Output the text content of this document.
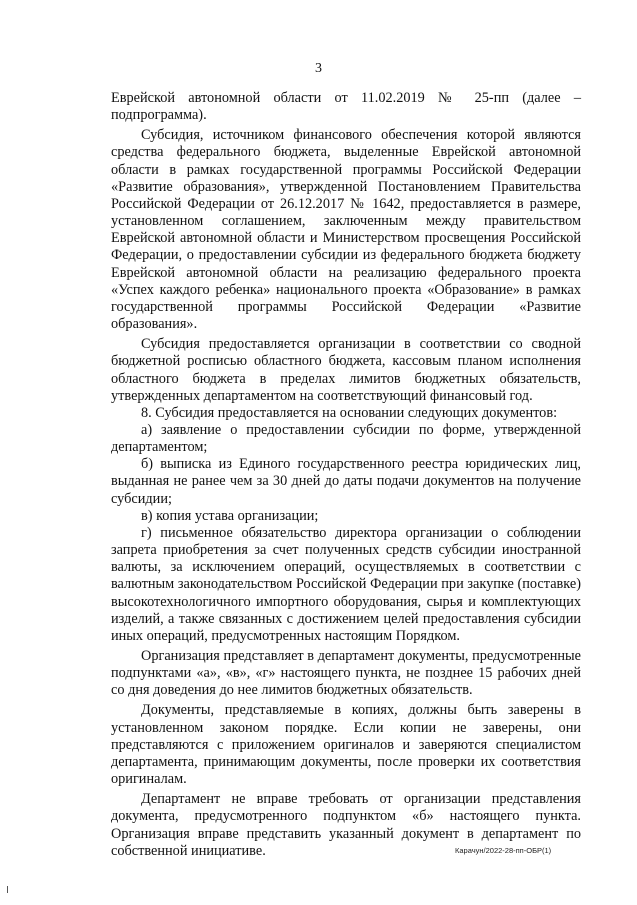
3

Еврейской автономной области от 11.02.2019 № 25-пп (далее – подпрограмма).

Субсидия, источником финансового обеспечения которой являются средства федерального бюджета, выделенные Еврейской автономной области в рамках государственной программы Российской Федерации «Развитие образования», утвержденной Постановлением Правительства Российской Федерации от 26.12.2017 № 1642, предоставляется в размере, установленном соглашением, заключенным между правительством Еврейской автономной области и Министерством просвещения Российской Федерации, о предоставлении субсидии из федерального бюджета бюджету Еврейской автономной области на реализацию федерального проекта «Успех каждого ребенка» национального проекта «Образование» в рамках государственной программы Российской Федерации «Развитие образования».

Субсидия предоставляется организации в соответствии со сводной бюджетной росписью областного бюджета, кассовым планом исполнения областного бюджета в пределах лимитов бюджетных обязательств, утвержденных департаментом на соответствующий финансовый год.

8. Субсидия предоставляется на основании следующих документов:

а) заявление о предоставлении субсидии по форме, утвержденной департаментом;

б) выписка из Единого государственного реестра юридических лиц, выданная не ранее чем за 30 дней до даты подачи документов на получение субсидии;

в) копия устава организации;

г) письменное обязательство директора организации о соблюдении запрета приобретения за счет полученных средств субсидии иностранной валюты, за исключением операций, осуществляемых в соответствии с валютным законодательством Российской Федерации при закупке (поставке) высокотехнологичного импортного оборудования, сырья и комплектующих изделий, а также связанных с достижением целей предоставления субсидии иных операций, предусмотренных настоящим Порядком.

Организация представляет в департамент документы, предусмотренные подпунктами «а», «в», «г» настоящего пункта, не позднее 15 рабочих дней со дня доведения до нее лимитов бюджетных обязательств.

Документы, представляемые в копиях, должны быть заверены в установленном законом порядке. Если копии не заверены, они представляются с приложением оригиналов и заверяются специалистом департамента, принимающим документы, после проверки их соответствия оригиналам.

Департамент не вправе требовать от организации представления документа, предусмотренного подпунктом «б» настоящего пункта. Организация вправе представить указанный документ в департамент по собственной инициативе.	Карачун/2022-28-пп-ОБР(1)
